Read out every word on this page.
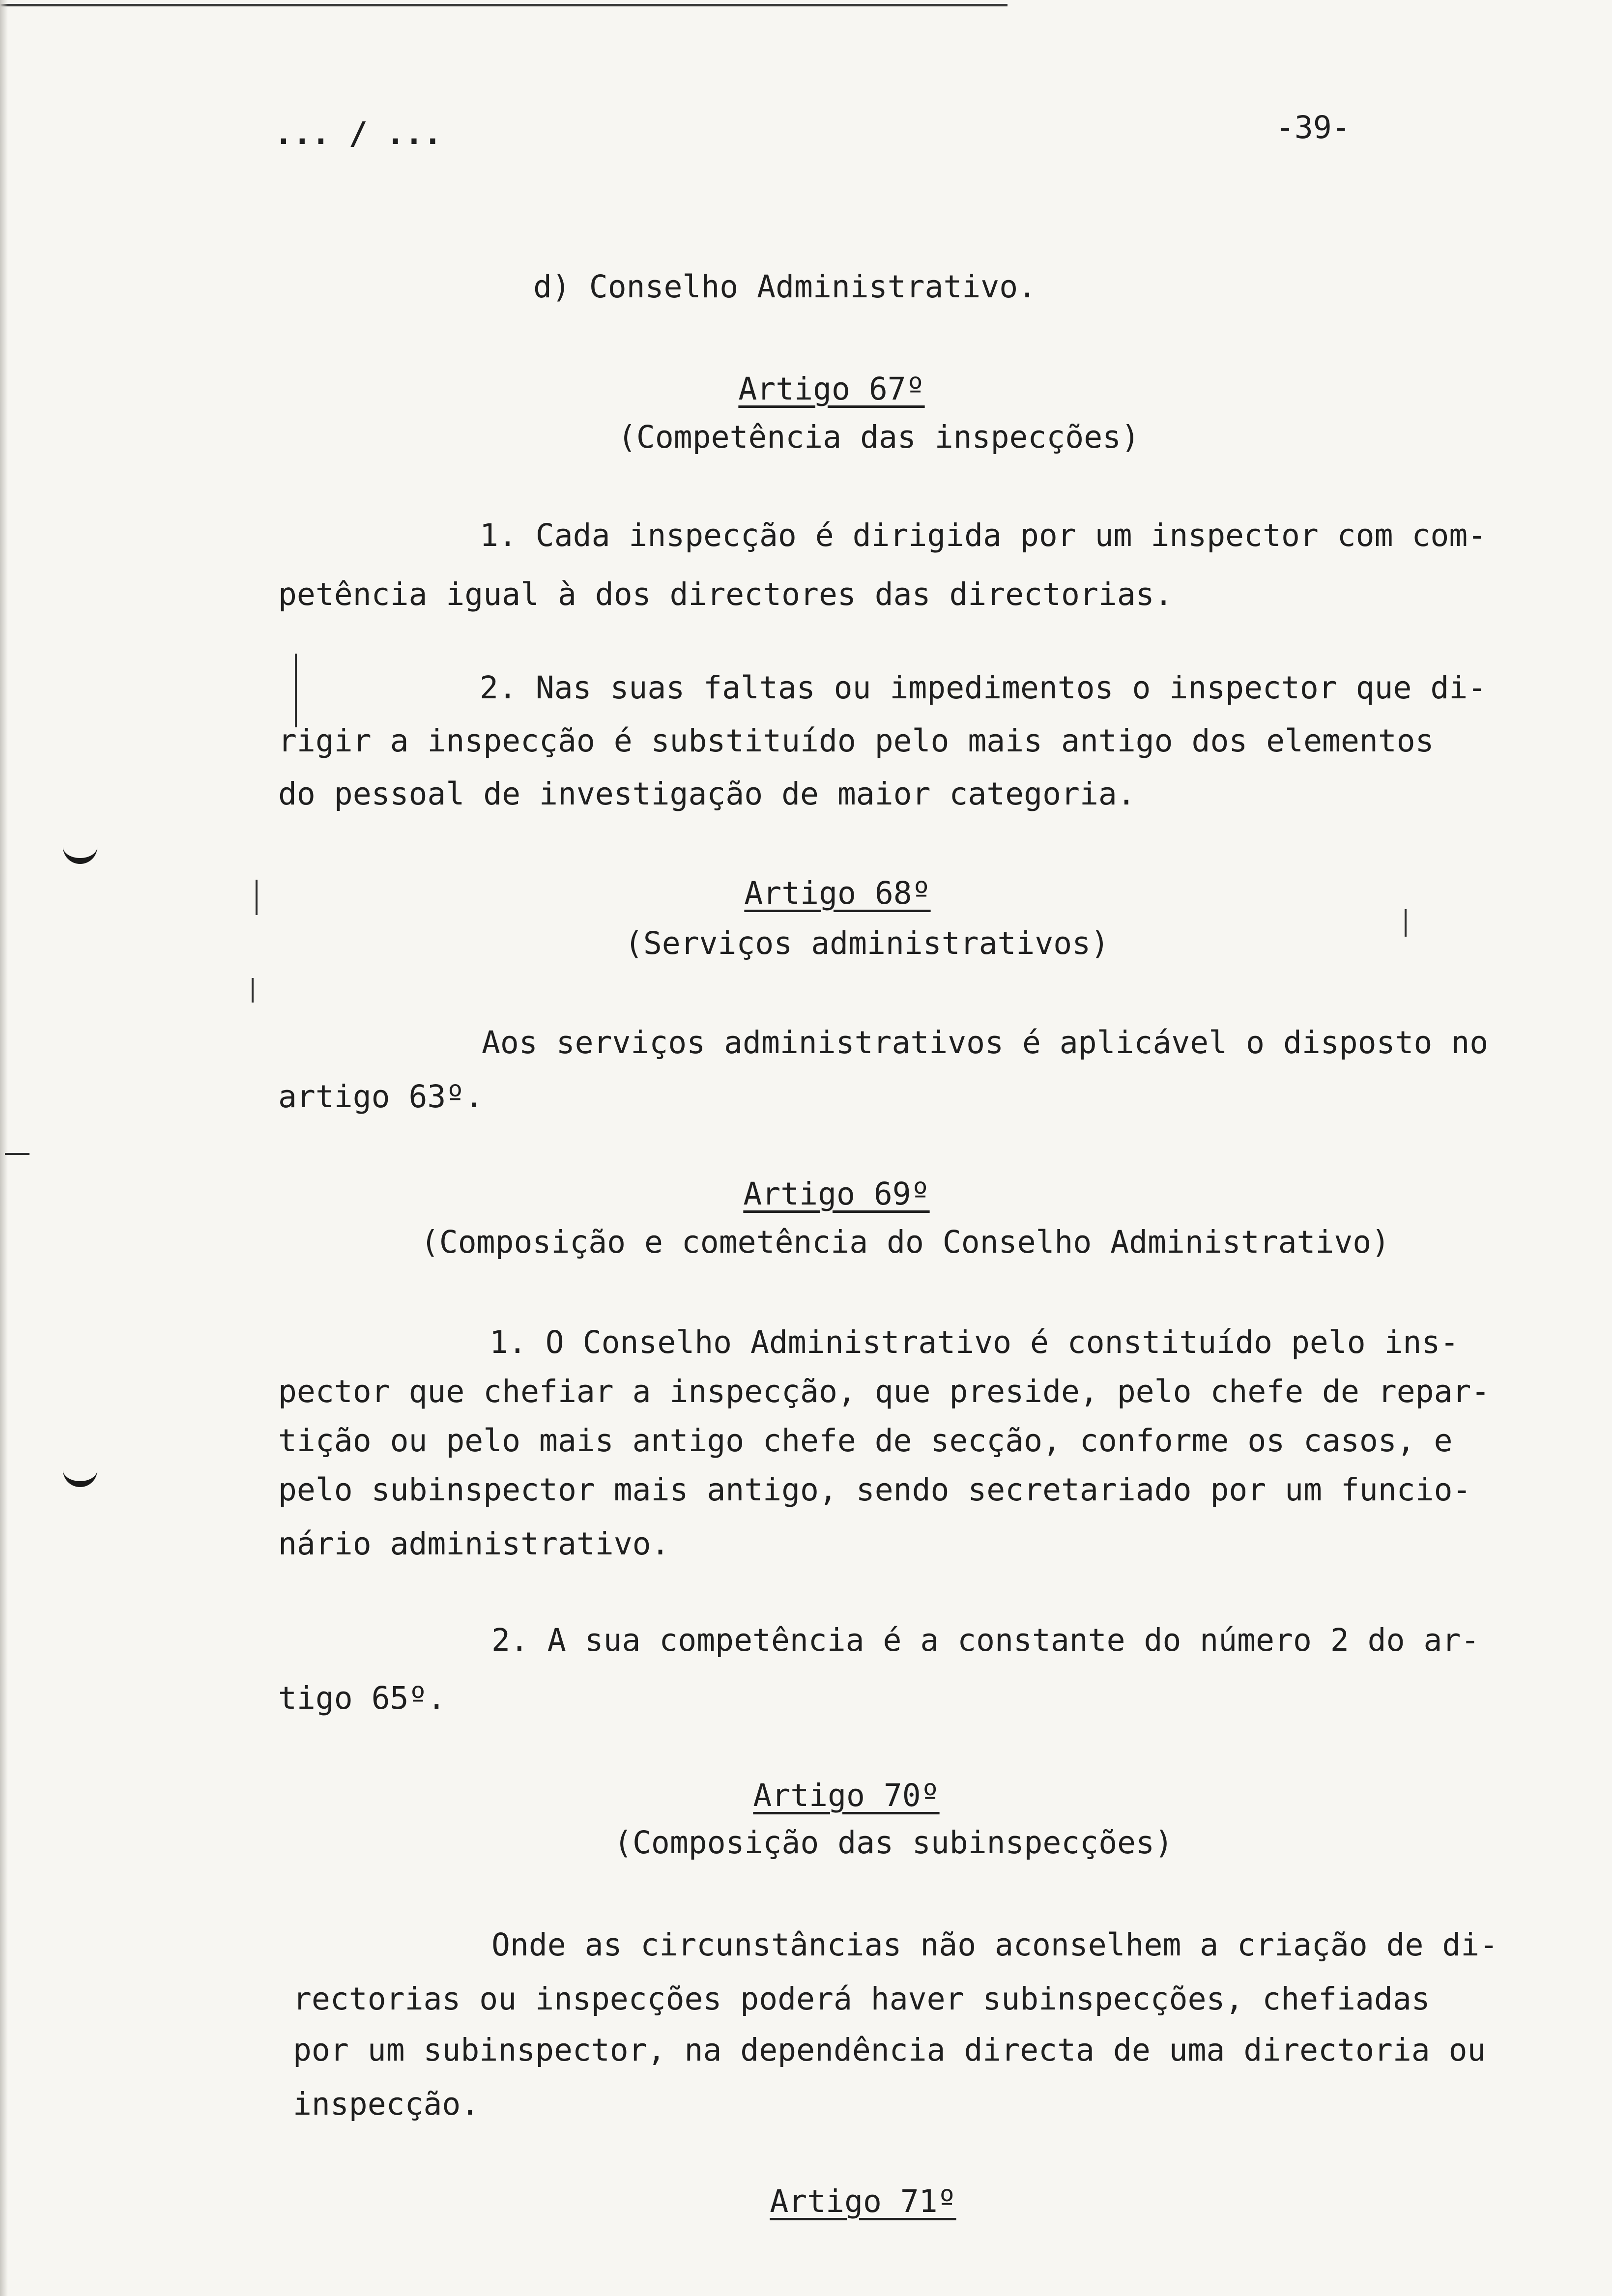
... / ...	-39-

d) Conselho Administrativo.

Artigo 67º

(Competência das inspecções)

1. Cada inspecção é dirigida por um inspector com com-

petência igual à dos directores das directorias.

2. Nas suas faltas ou impedimentos o inspector que di-

rigir a inspecção é substituído pelo mais antigo dos elementos

do pessoal de investigação de maior categoria.

Artigo 68º

(Serviços administrativos)

Aos serviços administrativos é aplicável o disposto no

artigo 63º.

Artigo 69º

(Composição e cometência do Conselho Administrativo)

1. O Conselho Administrativo é constituído pelo ins-

pector que chefiar a inspecção, que preside, pelo chefe de repar-

tição ou pelo mais antigo chefe de secção, conforme os casos, e

pelo subinspector mais antigo, sendo secretariado por um funcio-

nário administrativo.

2. A sua competência é a constante do número 2 do ar-

tigo 65º.

Artigo 70º

(Composição das subinspecções)

Onde as circunstâncias não aconselhem a criação de di-

rectorias ou inspecções poderá haver subinspecções, chefiadas

por um subinspector, na dependência directa de uma directoria ou

inspecção.

Artigo 71º
